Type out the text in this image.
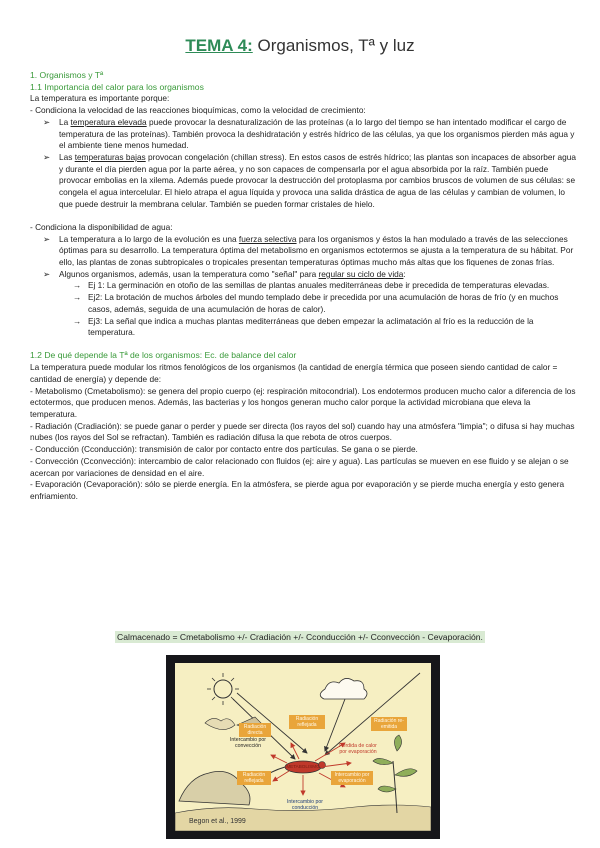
TEMA 4: Organismos, Tª y luz

1. Organismos y Tª

1.1 Importancia del calor para los organismos

La temperatura es importante porque:

- Condiciona la velocidad de las reacciones bioquímicas, como la velocidad de crecimiento:

➢ La temperatura elevada puede provocar la desnaturalización de las proteínas (a lo largo del tiempo se han intentado modificar el cargo de temperatura de las proteínas). También provoca la deshidratación y estrés hídrico de las células, ya que los organismos pierden más agua y el ambiente tiene menos humedad.

➢ Las temperaturas bajas provocan congelación (chillan stress). En estos casos de estrés hídrico; las plantas son incapaces de absorber agua y durante el día pierden agua por la parte aérea, y no son capaces de compensarla por el agua absorbida por la raíz. También puede provocar embolias en la xilema. Además puede provocar la destrucción del protoplasma por cambios bruscos de volumen de sus células: se congela el agua intercelular. El hielo atrapa el agua líquida y provoca una salida drástica de agua de las células y cambian de volumen, lo que puede destruir la membrana celular. También se pueden formar cristales de hielo.

- Condiciona la disponibilidad de agua:

➢ La temperatura a lo largo de la evolución es una fuerza selectiva para los organismos y éstos la han modulado a través de las selecciones óptimas para su desarrollo. La temperatura óptima del metabolismo en organismos ectotermos se ajusta a la temperatura de su hábitat. Por ello, las plantas de zonas subtropicales o tropicales presentan temperaturas óptimas mucho más altas que los fiquenes de zonas frías.

➢ Algunos organismos, además, usan la temperatura como "señal" para regular su ciclo de vida:

→ Ej 1: La germinación en otoño de las semillas de plantas anuales mediterráneas debe ir precedida de temperaturas elevadas.

→ Ej2: La brotación de muchos árboles del mundo templado debe ir precedida por una acumulación de horas de frío (y en muchos casos, además, seguida de una acumulación de horas de calor).

→ Ej3: La señal que indica a muchas plantas mediterráneas que deben empezar la aclimatación al frío es la reducción de la temperatura.

1.2 De qué depende la Tª de los organismos: Ec. de balance del calor

La temperatura puede modular los ritmos fenológicos de los organismos (la cantidad de energía térmica que poseen siendo cantidad de calor = cantidad de energía) y depende de:

- Metabolismo (Cmetabolismo): se genera del propio cuerpo (ej: respiración mitocondrial). Los endotermos producen mucho calor a diferencia de los ectotermos, que producen menos. Además, las bacterias y los hongos generan mucho calor porque la actividad microbiana que eleva la temperatura.

- Radiación (Cradiación): se puede ganar o perder y puede ser directa (los rayos del sol) cuando hay una atmósfera "limpia"; o difusa si hay muchas nubes (los rayos del Sol se refractan). También es radiación difusa la que rebota de otros cuerpos.

- Conducción (Cconducción): transmisión de calor por contacto entre dos partículas. Se gana o se pierde.

- Convección (Cconvección): intercambio de calor relacionado con fluidos (ej: aire y agua). Las partículas se mueven en ese fluido y se alejan o se acercan por variaciones de densidad en el aire.

- Evaporación (Cevaporación): sólo se pierde energía. En la atmósfera, se pierde agua por evaporación y se pierde mucha energía y esto genera enfriamiento.

Calmacenado = Cmetabolismo +/- Cradiación +/- Cconducción +/- Cconvección - Cevaporación.
Radiación directa
Radiación reflejada
Radiación re-emitida
Radiación reflejada
Intercambio por evaporación
Intercambio por convección	Pérdida de calor por evaporación
METABOLISMO
Intercambio por conducción
Begon et al., 1999
